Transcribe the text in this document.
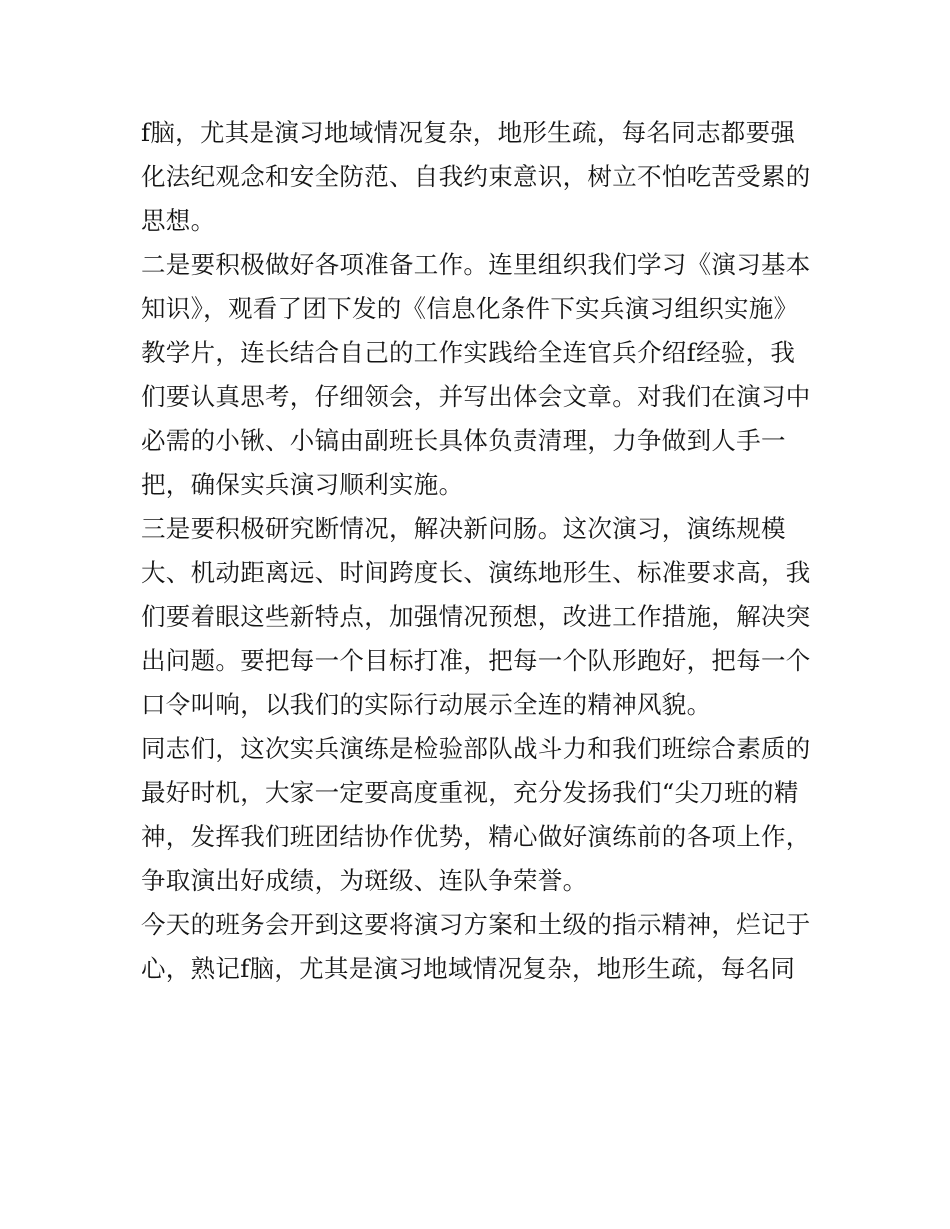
f脑，尤其是演习地域情况复杂，地形生疏，每名同志都要强
化法纪观念和安全防范、自我约束意识，树立不怕吃苦受累的
思想。
二是要积极做好各项准备工作。连里组织我们学习《演习基本
知识》，观看了团下发的《信息化条件下实兵演习组织实施》
教学片，连长结合自己的工作实践给全连官兵介绍f经验，我
们要认真思考，仔细领会，并写出体会文章。对我们在演习中
必需的小锹、小镐由副班长具体负责清理，力争做到人手一
把，确保实兵演习顺利实施。
三是要积极研究断情况，解决新问肠。这次演习，演练规模
大、机动距离远、时间跨度长、演练地形生、标准要求高，我
们要着眼这些新特点，加强情况预想，改进工作措施，解决突
出问题。要把每一个目标打准，把每一个队形跑好，把每一个
口令叫响，以我们的实际行动展示全连的精神风貌。
同志们，这次实兵演练是检验部队战斗力和我们班综合素质的
最好时机，大家一定要高度重视，充分发扬我们“尖刀班的精
神，发挥我们班团结协作优势，精心做好演练前的各项上作，
争取演出好成绩，为斑级、连队争荣誉。
今天的班务会开到这要将演习方案和土级的指示精神，烂记于
心，熟记f脑，尤其是演习地域情况复杂，地形生疏，每名同
